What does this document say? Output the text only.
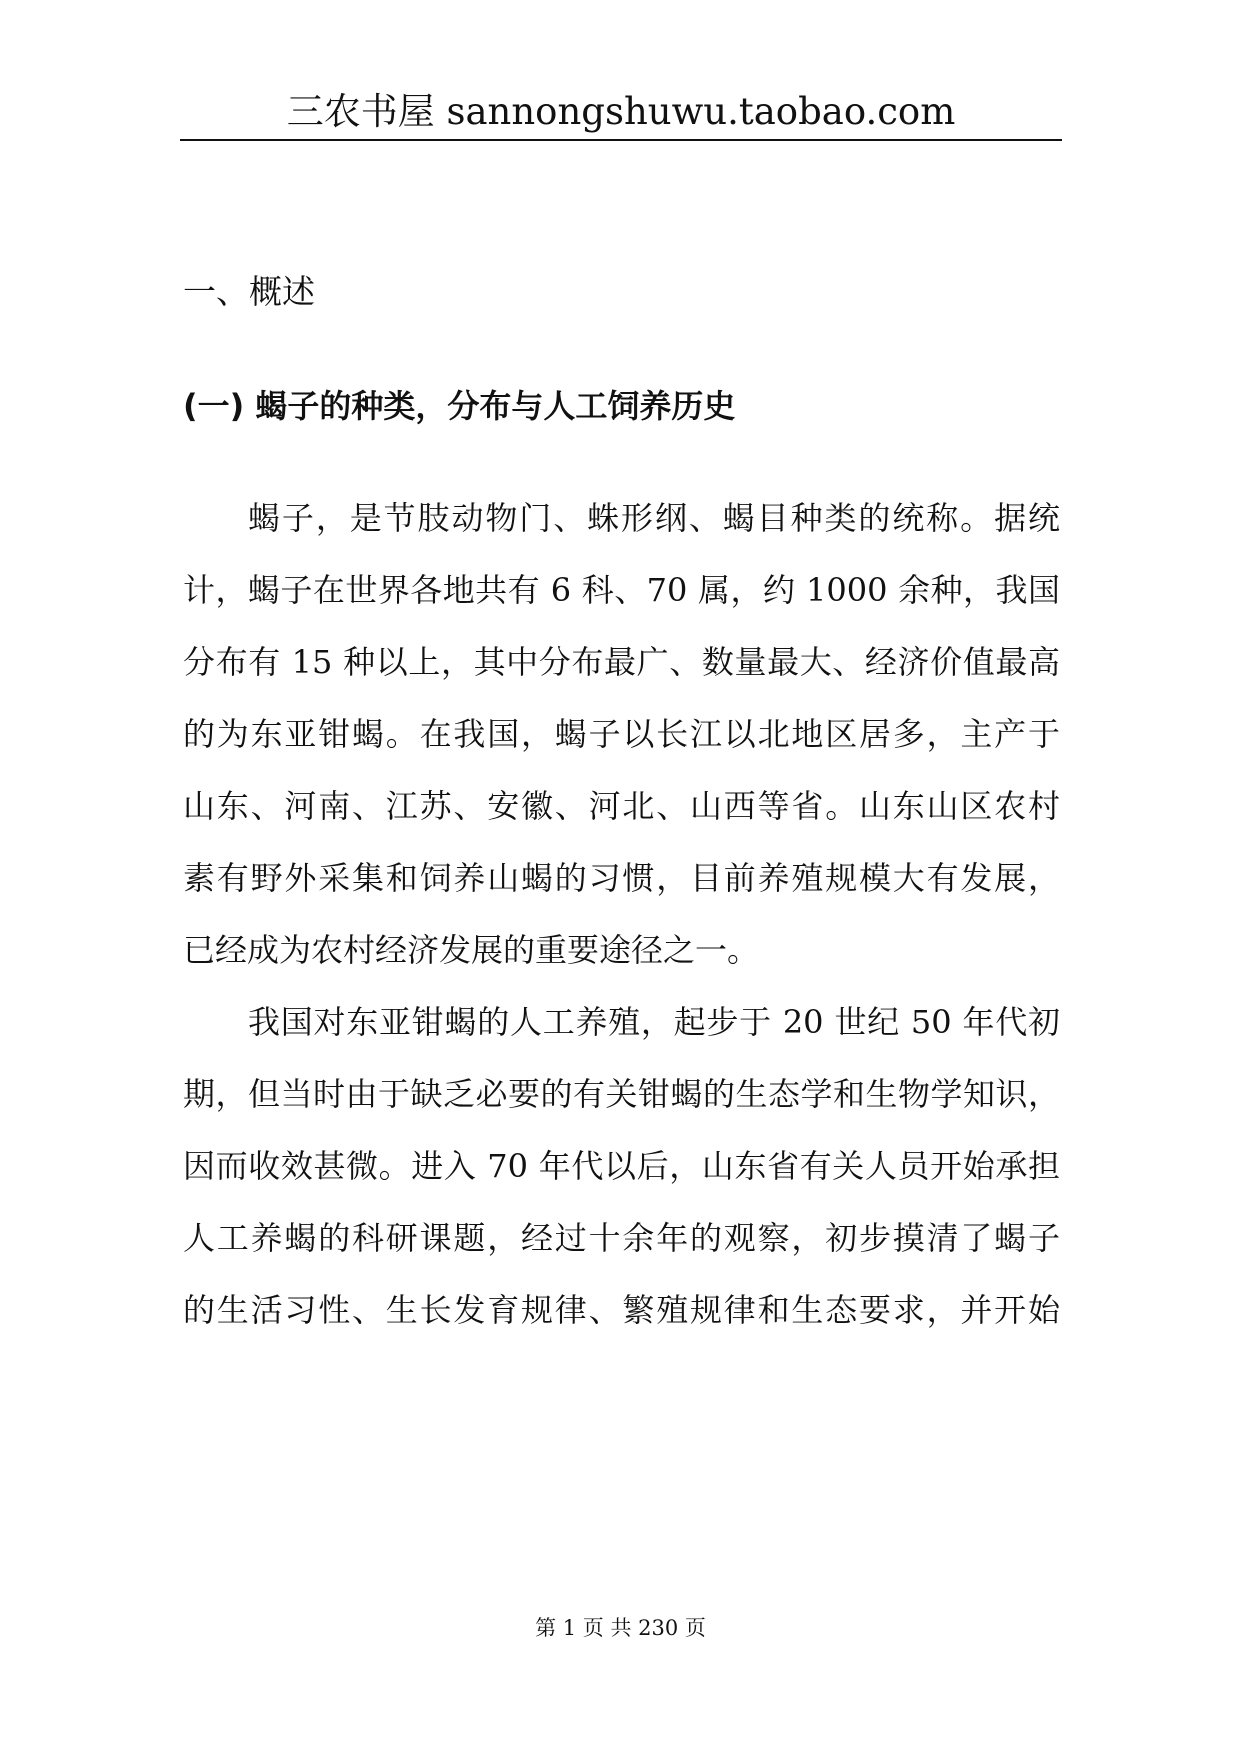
三农书屋 sannongshuwu.taobao.com
一、概述
(一) 蝎子的种类，分布与人工饲养历史
蝎子，是节肢动物门、蛛形纲、蝎目种类的统称。据统
计，蝎子在世界各地共有 6 科、70 属，约 1000 余种，我国
分布有 15 种以上，其中分布最广、数量最大、经济价值最高
的为东亚钳蝎。在我国，蝎子以长江以北地区居多，主产于
山东、河南、江苏、安徽、河北、山西等省。山东山区农村
素有野外采集和饲养山蝎的习惯，目前养殖规模大有发展，
已经成为农村经济发展的重要途径之一。
我国对东亚钳蝎的人工养殖，起步于 20 世纪 50 年代初
期，但当时由于缺乏必要的有关钳蝎的生态学和生物学知识，
因而收效甚微。进入 70 年代以后，山东省有关人员开始承担
人工养蝎的科研课题，经过十余年的观察，初步摸清了蝎子
的生活习性、生长发育规律、繁殖规律和生态要求，并开始
第 1 页 共 230 页
